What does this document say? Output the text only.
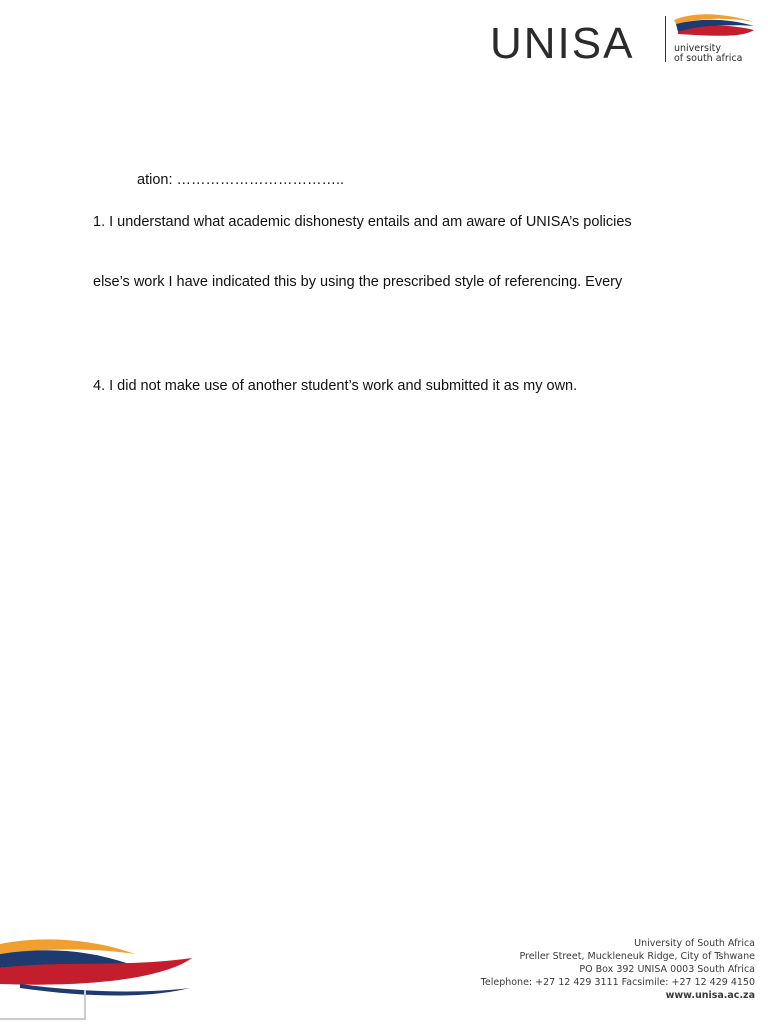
UNISA	university
of south africa
ation: ……………………………..
1. I understand what academic dishonesty entails and am aware of UNISA’s policies
else’s work I have indicated this by using the prescribed style of referencing. Every
4. I did not make use of another student’s work and submitted it as my own.
University of South Africa
Preller Street, Muckleneuk Ridge, City of Tshwane
PO Box 392 UNISA 0003 South Africa
Telephone: +27 12 429 3111 Facsimile: +27 12 429 4150
www.unisa.ac.za
